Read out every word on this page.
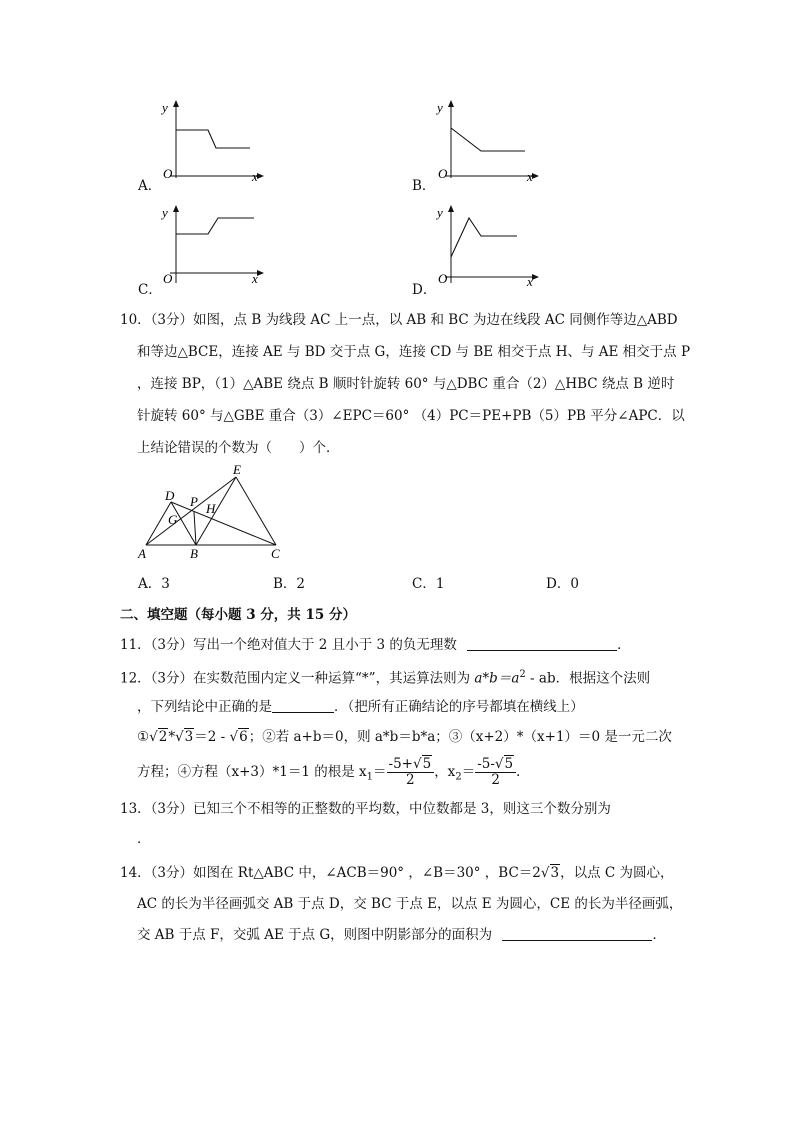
y
x
O
A．
y
x
O
B．
y
x
O
C．
y
x
O
D．
10．（3分）如图，点 B 为线段 AC 上一点，以 AB 和 BC 为边在线段 AC 同侧作等边△ABD
和等边△BCE，连接 AE 与 BD 交于点 G，连接 CD 与 BE 相交于点 H、与 AE 相交于点 P
，连接 BP，（1）△ABE 绕点 B 顺时针旋转 60° 与△DBC 重合（2）△HBC 绕点 B 逆时
针旋转 60° 与△GBE 重合（3）∠EPC＝60° （4）PC＝PE+PB（5）PB 平分∠APC．以
上结论错误的个数为（　　）个．
E
D P H
G
A	B	C
A．3	B．2	C．1	D．0
二、填空题（每小题 3 分，共 15 分）
11．（3分）写出一个绝对值大于 2 且小于 3 的负无理数	．
12．（3分）在实数范围内定义一种运算“*”，其运算法则为 $a*b=a^2$ - ab．根据这个法则
，下列结论中正确的是	．（把所有正确结论的序号都填在横线上）
①√2*√3＝2 - √6；②若 a+b＝0，则 a*b＝b*a；③（x+2）*（x+1）＝0 是一元二次
方程；④方程（x+3）*1＝1 的根是 $x_1= \frac{-5+√5}{2}$ ，$x_2= \frac{-5-√5}{2}$ ．
13．（3分）已知三个不相等的正整数的平均数，中位数都是 3，则这三个数分别为
．
14．（3分）如图在 Rt△ABC 中，∠ACB＝90° ，∠B＝30° ，BC＝2√3，以点 C 为圆心，
AC 的长为半径画弧交 AB 于点 D，交 BC 于点 E，以点 E 为圆心，CE 的长为半径画弧，
交 AB 于点 F，交弧 AE 于点 G，则图中阴影部分的面积为	．
